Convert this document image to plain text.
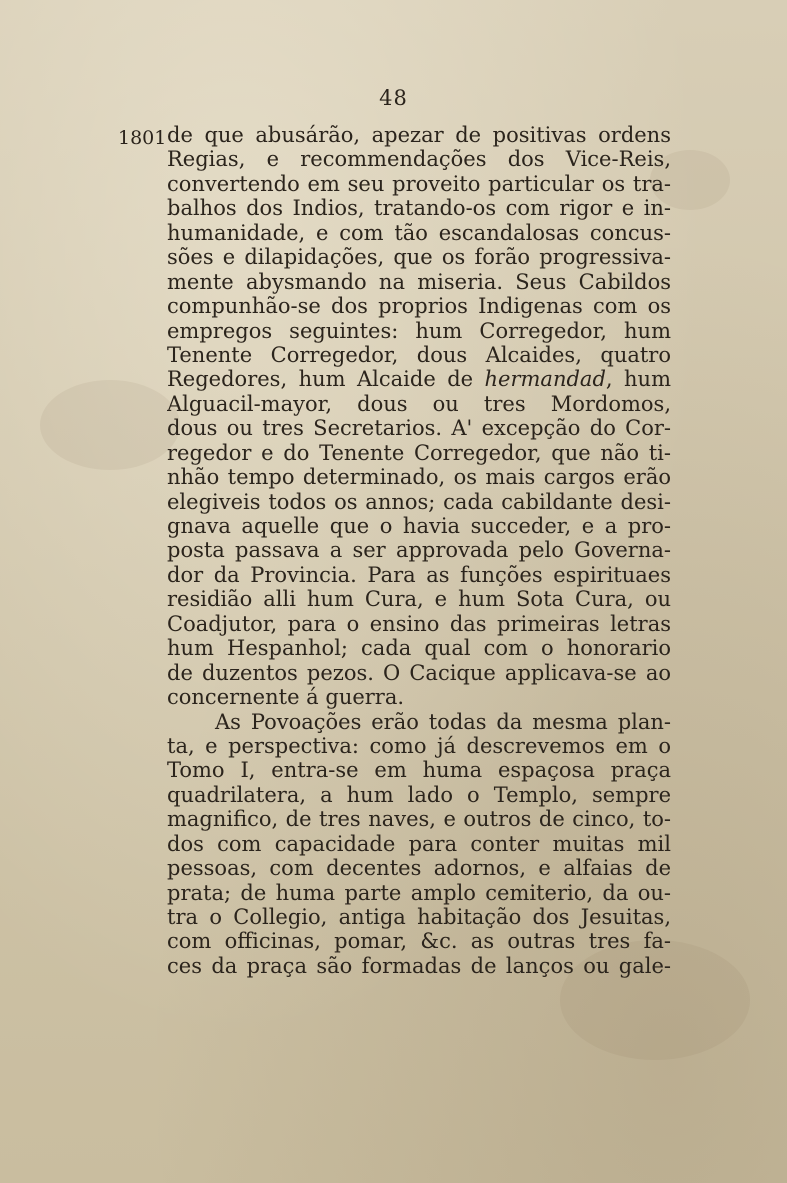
48
1801 de que abusárão, apezar de positivas ordens
Regias, e recommendações dos Vice-Reis,
convertendo em seu proveito particular os tra-
balhos dos Indios, tratando-os com rigor e in-
humanidade, e com tão escandalosas concus-
sões e dilapidações, que os forão progressiva-
mente abysmando na miseria. Seus Cabildos
compunhão-se dos proprios Indigenas com os
empregos seguintes: hum Corregedor, hum
Tenente Corregedor, dous Alcaides, quatro
Regedores, hum Alcaide de hermandad, hum
Alguacil-mayor, dous ou tres Mordomos,
dous ou tres Secretarios. A' excepção do Cor-
regedor e do Tenente Corregedor, que não ti-
nhão tempo determinado, os mais cargos erão
elegiveis todos os annos; cada cabildante desi-
gnava aquelle que o havia succeder, e a pro-
posta passava a ser approvada pelo Governa-
dor da Provincia. Para as funções espirituaes
residião alli hum Cura, e hum Sota Cura, ou
Coadjutor, para o ensino das primeiras letras
hum Hespanhol; cada qual com o honorario
de duzentos pezos. O Cacique applicava-se ao
concernente á guerra.
As Povoações erão todas da mesma plan-
ta, e perspectiva: como já descrevemos em o
Tomo I, entra-se em huma espaçosa praça
quadrilatera, a hum lado o Templo, sempre
magnifico, de tres naves, e outros de cinco, to-
dos com capacidade para conter muitas mil
pessoas, com decentes adornos, e alfaias de
prata; de huma parte amplo cemiterio, da ou-
tra o Collegio, antiga habitação dos Jesuitas,
com officinas, pomar, &c. as outras tres fa-
ces da praça são formadas de lanços ou gale-
